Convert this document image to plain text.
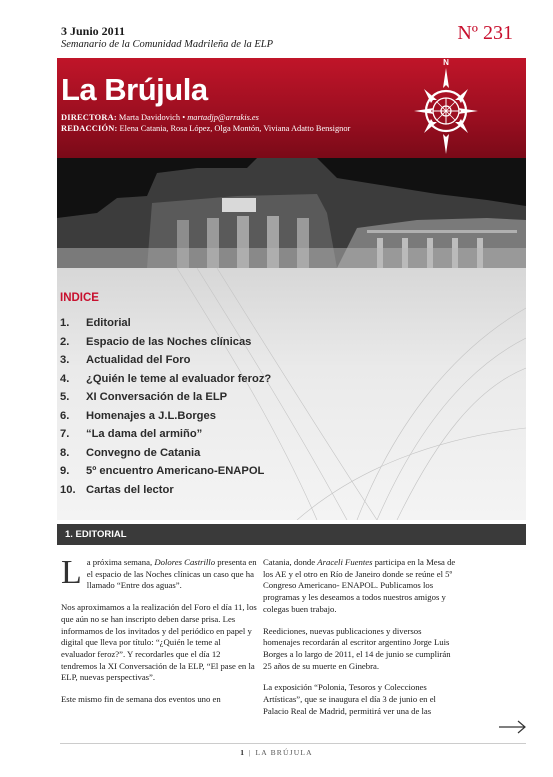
3 Junio 2011
Semanario de la Comunidad Madrileña de la ELP
Nº 231
La Brújula
DIRECTORA: Marta Davidovich • martadjp@arrakis.es
REDACCIÓN: Elena Catania, Rosa López, Olga Montón, Viviana Adatto Bensignor
N
INDICE
1.	Editorial
2.	Espacio de las Noches clínicas
3.	Actualidad del Foro
4.	¿Quién le teme al evaluador feroz?
5.	XI Conversación de la ELP
6.	Homenajes a J.L.Borges
7.	“La dama del armiño”
8.	Convegno de Catania
9.	5º encuentro Americano-ENAPOL
10. Cartas del lector
1. EDITORIAL

La próxima semana, Dolores Castrillo presenta en el espacio de las Noches clínicas un caso que ha llamado “Entre dos aguas”.

Nos aproximamos a la realización del Foro el día 11, los que aún no se han inscripto deben darse prisa. Les informamos de los invitados y del periódico en papel y digital que lleva por título: “¿Quién le teme al evaluador feroz?”. Y recordarles que el día 12 tendremos la XI Conversación de la ELP, “El pase en la ELP, nuevas perspectivas”.

Este mismo fin de semana dos eventos uno en

Catania, donde Araceli Fuentes participa en la Mesa de los AE y el otro en Río de Janeiro donde se reúne el 5º Congreso Americano- ENAPOL. Publicamos los programas y les deseamos a todos nuestros amigos y colegas buen trabajo.

Reediciones, nuevas publicaciones y diversos homenajes recordarán al escritor argentino Jorge Luis Borges a lo largo de 2011, el 14 de junio se cumplirán 25 años de su muerte en Ginebra.

La exposición “Polonia, Tesoros y Colecciones Artísticas”, que se inaugura el día 3 de junio en el Palacio Real de Madrid, permitirá ver una de las

1 | LA BRÚJULA
